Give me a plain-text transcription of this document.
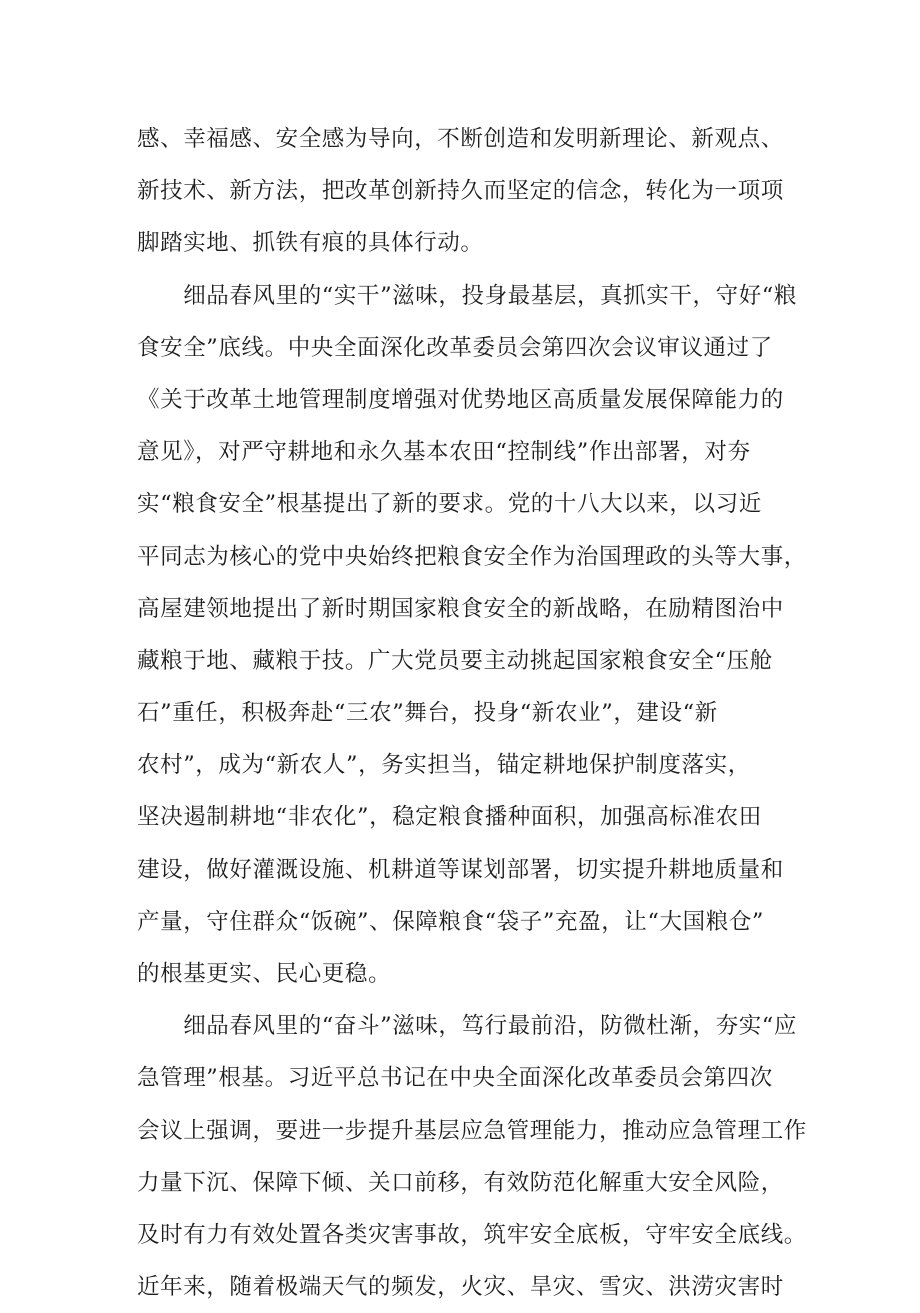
感、幸福感、安全感为导向，不断创造和发明新理论、新观点、
新技术、新方法，把改革创新持久而坚定的信念，转化为一项项
脚踏实地、抓铁有痕的具体行动。
　　细品春风里的“实干”滋味，投身最基层，真抓实干，守好“粮
食安全”底线。中央全面深化改革委员会第四次会议审议通过了
《关于改革土地管理制度增强对优势地区高质量发展保障能力的
意见》，对严守耕地和永久基本农田“控制线”作出部署，对夯
实“粮食安全”根基提出了新的要求。党的十八大以来，以习近
平同志为核心的党中央始终把粮食安全作为治国理政的头等大事，
高屋建领地提出了新时期国家粮食安全的新战略，在励精图治中
藏粮于地、藏粮于技。广大党员要主动挑起国家粮食安全“压舱
石”重任，积极奔赴“三农”舞台，投身“新农业”，建设“新
农村”，成为“新农人”，务实担当，锚定耕地保护制度落实，
坚决遏制耕地“非农化”，稳定粮食播种面积，加强高标准农田
建设，做好灌溉设施、机耕道等谋划部署，切实提升耕地质量和
产量，守住群众“饭碗”、保障粮食“袋子”充盈，让“大国粮仓”
的根基更实、民心更稳。
　　细品春风里的“奋斗”滋味，笃行最前沿，防微杜渐，夯实“应
急管理”根基。习近平总书记在中央全面深化改革委员会第四次
会议上强调，要进一步提升基层应急管理能力，推动应急管理工作
力量下沉、保障下倾、关口前移，有效防范化解重大安全风险，
及时有力有效处置各类灾害事故，筑牢安全底板，守牢安全底线。
近年来，随着极端天气的频发，火灾、旱灾、雪灾、洪涝灾害时
